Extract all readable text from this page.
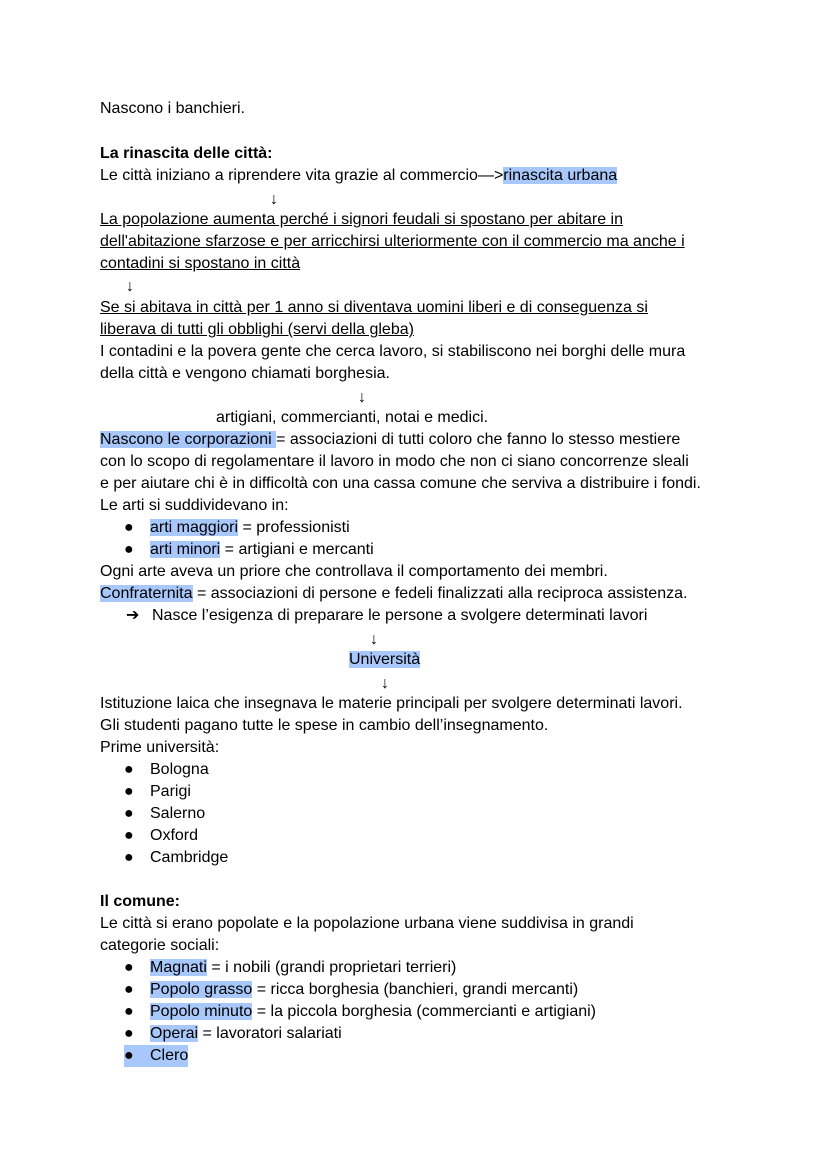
Nascono i banchieri.
La rinascita delle città:
Le città iniziano a riprendere vita grazie al commercio—>rinascita urbana
↓
La popolazione aumenta perché i signori feudali si spostano per abitare in
dell'abitazione sfarzose e per arricchirsi ulteriormente con il commercio ma anche i
contadini si spostano in città
↓
Se si abitava in città per 1 anno si diventava uomini liberi e di conseguenza si
liberava di tutti gli obblighi (servi della gleba)
I contadini e la povera gente che cerca lavoro, si stabiliscono nei borghi delle mura
della città e vengono chiamati borghesia.
↓
artigiani, commercianti, notai e medici.
Nascono le corporazioni = associazioni di tutti coloro che fanno lo stesso mestiere
con lo scopo di regolamentare il lavoro in modo che non ci siano concorrenze sleali
e per aiutare chi è in difficoltà con una cassa comune che serviva a distribuire i fondi.
Le arti si suddividevano in:
● arti maggiori = professionisti
● arti minori = artigiani e mercanti
Ogni arte aveva un priore che controllava il comportamento dei membri.
Confraternita = associazioni di persone e fedeli finalizzati alla reciproca assistenza.
➔ Nasce l’esigenza di preparare le persone a svolgere determinati lavori
↓
Università
↓
Istituzione laica che insegnava le materie principali per svolgere determinati lavori.
Gli studenti pagano tutte le spese in cambio dell’insegnamento.
Prime università:
● Bologna
● Parigi
● Salerno
● Oxford
● Cambridge
Il comune:
Le città si erano popolate e la popolazione urbana viene suddivisa in grandi
categorie sociali:
● Magnati = i nobili (grandi proprietari terrieri)
● Popolo grasso = ricca borghesia (banchieri, grandi mercanti)
● Popolo minuto = la piccola borghesia (commercianti e artigiani)
● Operai = lavoratori salariati
● Clero
